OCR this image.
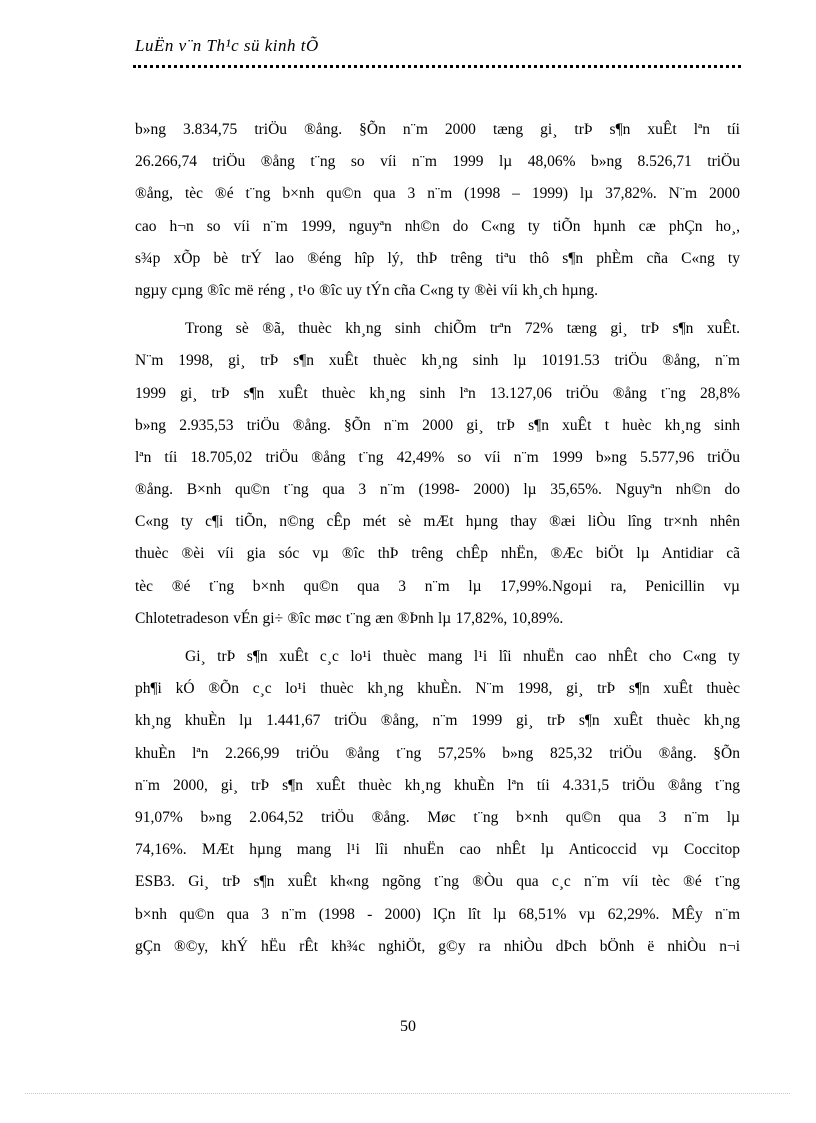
LuËn v¨n Th¹c sü kinh tÕ

b»ng 3.834,75 triÖu ®ång. §Õn n¨m 2000 tæng gi¸ trÞ s¶n xuÊt lªn tíi
26.266,74 triÖu ®ång t¨ng so víi n¨m 1999 lµ 48,06% b»ng 8.526,71 triÖu
®ång, tèc ®é t¨ng b×nh qu©n qua 3 n¨m (1998 – 1999) lµ 37,82%. N¨m 2000
cao h¬n so víi n¨m 1999, nguyªn nh©n do C«ng ty tiÕn hµnh cæ phÇn ho¸,
s¾p xÕp bè trÝ lao ®éng hîp lý, thÞ trêng tiªu thô s¶n phÈm cña C«ng ty
ngµy cµng ®îc më réng , t¹o ®îc uy tÝn cña C«ng ty ®èi víi kh¸ch hµng.

Trong sè ®ã, thuèc kh¸ng sinh chiÕm trªn 72% tæng gi¸ trÞ s¶n xuÊt.
N¨m 1998, gi¸ trÞ s¶n xuÊt thuèc kh¸ng sinh lµ 10191.53 triÖu ®ång, n¨m
1999 gi¸ trÞ s¶n xuÊt thuèc kh¸ng sinh lªn 13.127,06 triÖu ®ång t¨ng 28,8%
b»ng 2.935,53 triÖu ®ång. §Õn n¨m 2000 gi¸ trÞ s¶n xuÊt t huèc kh¸ng sinh
lªn tíi 18.705,02 triÖu ®ång t¨ng 42,49% so víi n¨m 1999 b»ng 5.577,96 triÖu
®ång. B×nh qu©n t¨ng qua 3 n¨m (1998- 2000) lµ 35,65%. Nguyªn nh©n do
C«ng ty c¶i tiÕn, n©ng cÊp mét sè mÆt hµng thay ®æi liÒu lîng tr×nh nhên
thuèc ®èi víi gia sóc vµ ®îc thÞ trêng chÊp nhËn, ®Æc biÖt lµ Antidiar cã
tèc ®é t¨ng b×nh qu©n qua 3 n¨m lµ 17,99%.Ngoµi ra, Penicillin vµ
Chlotetradeson vÉn gi÷ ®îc møc t¨ng æn ®Þnh lµ 17,82%, 10,89%.

Gi¸ trÞ s¶n xuÊt c¸c lo¹i thuèc mang l¹i lîi nhuËn cao nhÊt cho C«ng ty
ph¶i kÓ ®Õn c¸c lo¹i thuèc kh¸ng khuÈn. N¨m 1998, gi¸ trÞ s¶n xuÊt thuèc
kh¸ng khuÈn lµ 1.441,67 triÖu ®ång, n¨m 1999 gi¸ trÞ s¶n xuÊt thuèc kh¸ng
khuÈn lªn 2.266,99 triÖu ®ång t¨ng 57,25% b»ng 825,32 triÖu ®ång. §Õn
n¨m 2000, gi¸ trÞ s¶n xuÊt thuèc kh¸ng khuÈn lªn tíi 4.331,5 triÖu ®ång t¨ng
91,07% b»ng 2.064,52 triÖu ®ång. Møc t¨ng b×nh qu©n qua 3 n¨m lµ
74,16%. MÆt hµng mang l¹i lîi nhuËn cao nhÊt lµ Anticoccid vµ Coccitop
ESB3. Gi¸ trÞ s¶n xuÊt kh«ng ngõng t¨ng ®Òu qua c¸c n¨m víi tèc ®é t¨ng
b×nh qu©n qua 3 n¨m (1998 - 2000) lÇn lît lµ 68,51% vµ 62,29%. MÊy n¨m
gÇn ®©y, khÝ hËu rÊt kh¾c nghiÖt, g©y ra nhiÒu dÞch bÖnh ë nhiÒu n¬i

50
